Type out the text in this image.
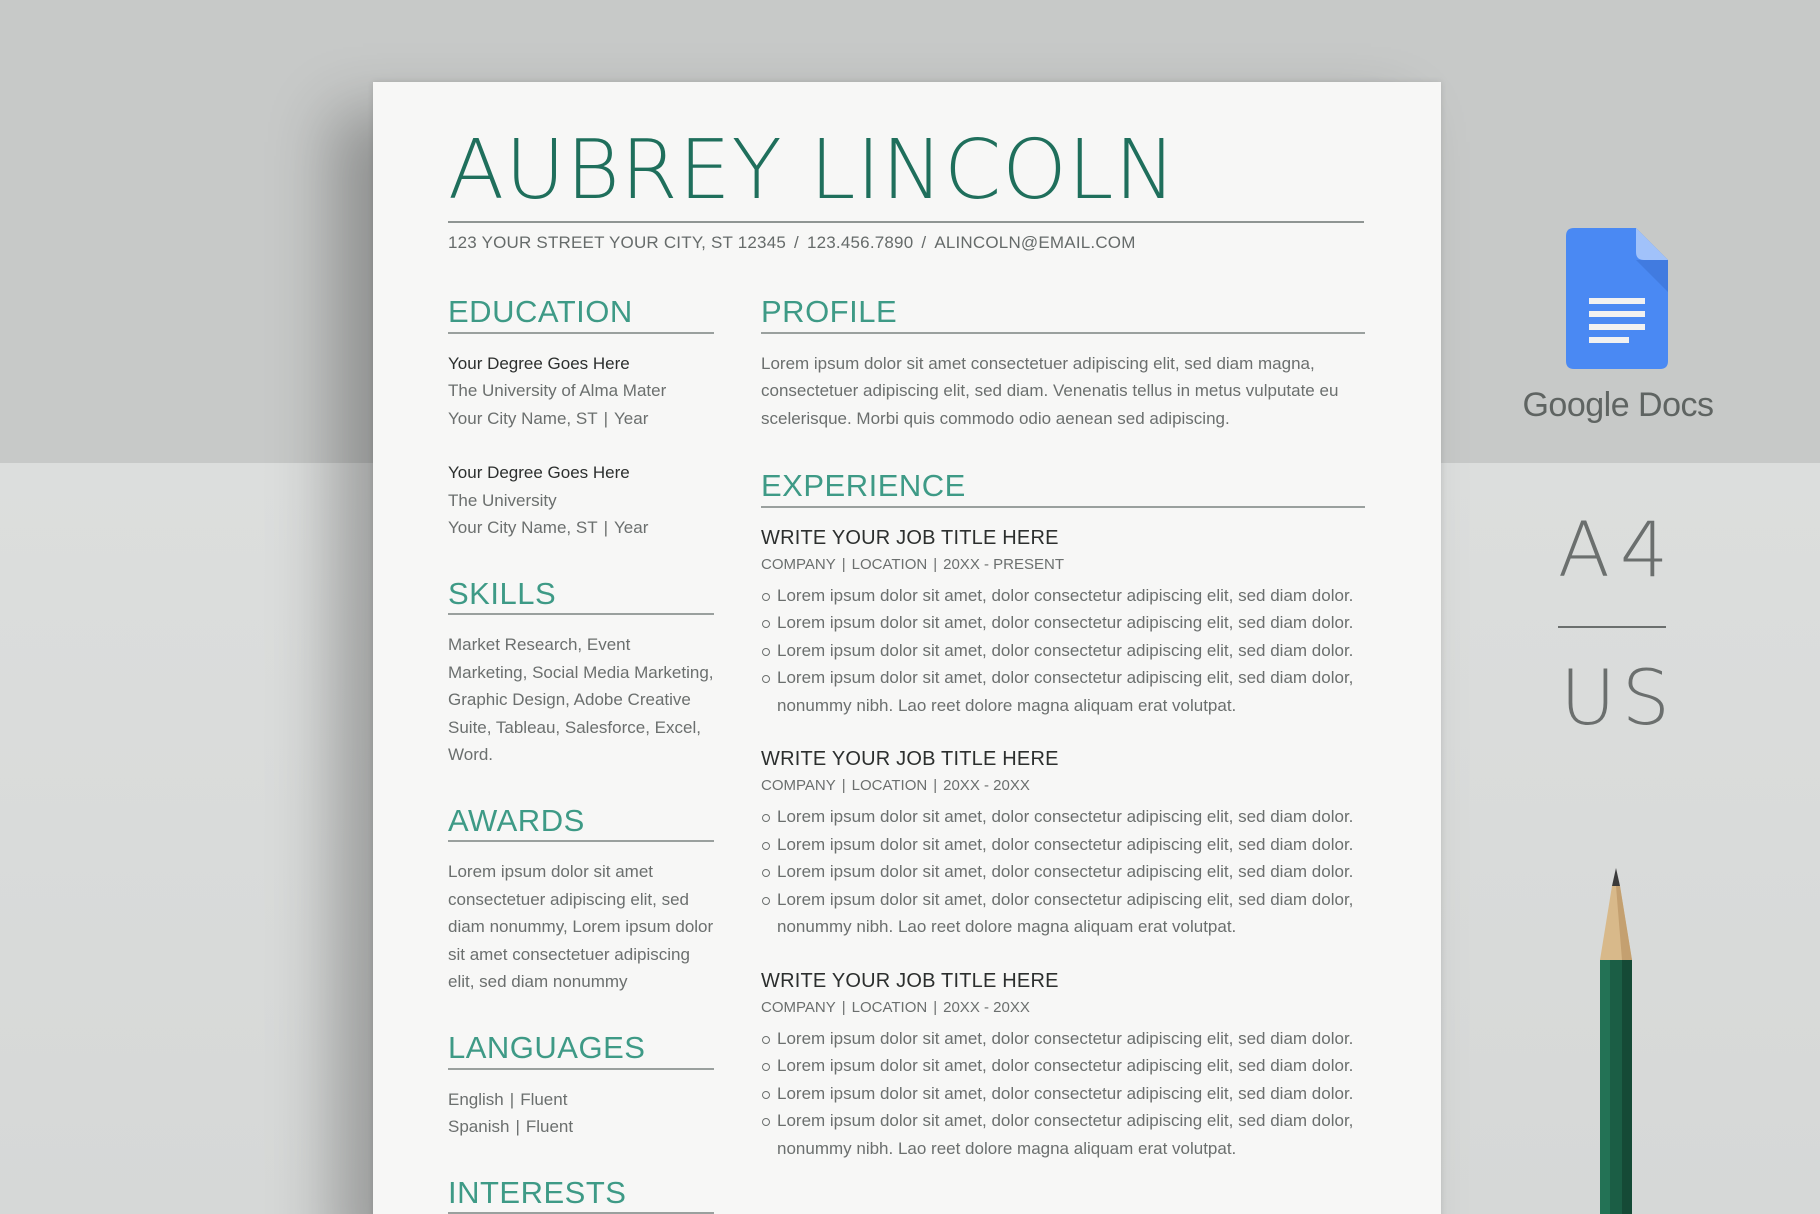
AUBREY LINCOLN
123 YOUR STREET YOUR CITY, ST 12345 / 123.456.7890 / ALINCOLN@EMAIL.COM
EDUCATION
Your Degree Goes Here
The University of Alma Mater
Your City Name, ST | Year
Your Degree Goes Here
The University
Your City Name, ST | Year
SKILLS
Market Research, Event Marketing, Social Media Marketing, Graphic Design, Adobe Creative Suite, Tableau, Salesforce, Excel, Word.
AWARDS
Lorem ipsum dolor sit amet consectetuer adipiscing elit, sed diam nonummy, Lorem ipsum dolor sit amet consectetuer adipiscing elit, sed diam nonummy
LANGUAGES
English | Fluent
Spanish | Fluent
INTERESTS
PROFILE
Lorem ipsum dolor sit amet consectetuer adipiscing elit, sed diam magna, consectetuer adipiscing elit, sed diam. Venenatis tellus in metus vulputate eu scelerisque. Morbi quis commodo odio aenean sed adipiscing.
EXPERIENCE
WRITE YOUR JOB TITLE HERE
COMPANY | LOCATION | 20XX - PRESENT
Lorem ipsum dolor sit amet, dolor consectetur adipiscing elit, sed diam dolor.
Lorem ipsum dolor sit amet, dolor consectetur adipiscing elit, sed diam dolor.
Lorem ipsum dolor sit amet, dolor consectetur adipiscing elit, sed diam dolor.
Lorem ipsum dolor sit amet, dolor consectetur adipiscing elit, sed diam dolor, nonummy nibh. Lao reet dolore magna aliquam erat volutpat.
WRITE YOUR JOB TITLE HERE
COMPANY | LOCATION | 20XX - 20XX
Lorem ipsum dolor sit amet, dolor consectetur adipiscing elit, sed diam dolor.
Lorem ipsum dolor sit amet, dolor consectetur adipiscing elit, sed diam dolor.
Lorem ipsum dolor sit amet, dolor consectetur adipiscing elit, sed diam dolor.
Lorem ipsum dolor sit amet, dolor consectetur adipiscing elit, sed diam dolor, nonummy nibh. Lao reet dolore magna aliquam erat volutpat.
WRITE YOUR JOB TITLE HERE
COMPANY | LOCATION | 20XX - 20XX
Lorem ipsum dolor sit amet, dolor consectetur adipiscing elit, sed diam dolor.
Lorem ipsum dolor sit amet, dolor consectetur adipiscing elit, sed diam dolor.
Lorem ipsum dolor sit amet, dolor consectetur adipiscing elit, sed diam dolor.
Lorem ipsum dolor sit amet, dolor consectetur adipiscing elit, sed diam dolor, nonummy nibh. Lao reet dolore magna aliquam erat volutpat.
Google Docs
A4
US
